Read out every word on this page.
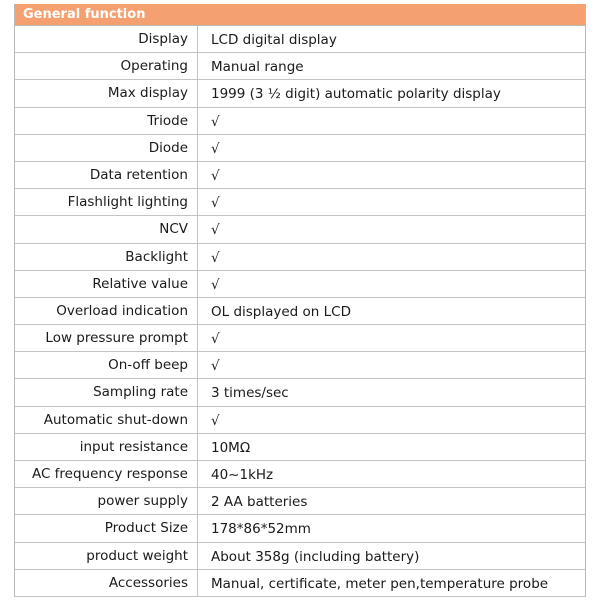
General function
Display	LCD digital display
Operating	Manual range
Max display	1999 (3 ½ digit) automatic polarity display
Triode	√
Diode	√
Data retention	√
Flashlight lighting	√
NCV	√
Backlight	√
Relative value	√
Overload indication	OL displayed on LCD
Low pressure prompt	√
On-off beep	√
Sampling rate	3 times/sec
Automatic shut-down	√
input resistance	10MΩ
AC frequency response	40~1kHz
power supply	2 AA batteries
Product Size	178*86*52mm
product weight	About 358g (including battery)
Accessories	Manual, certificate, meter pen,temperature probe
